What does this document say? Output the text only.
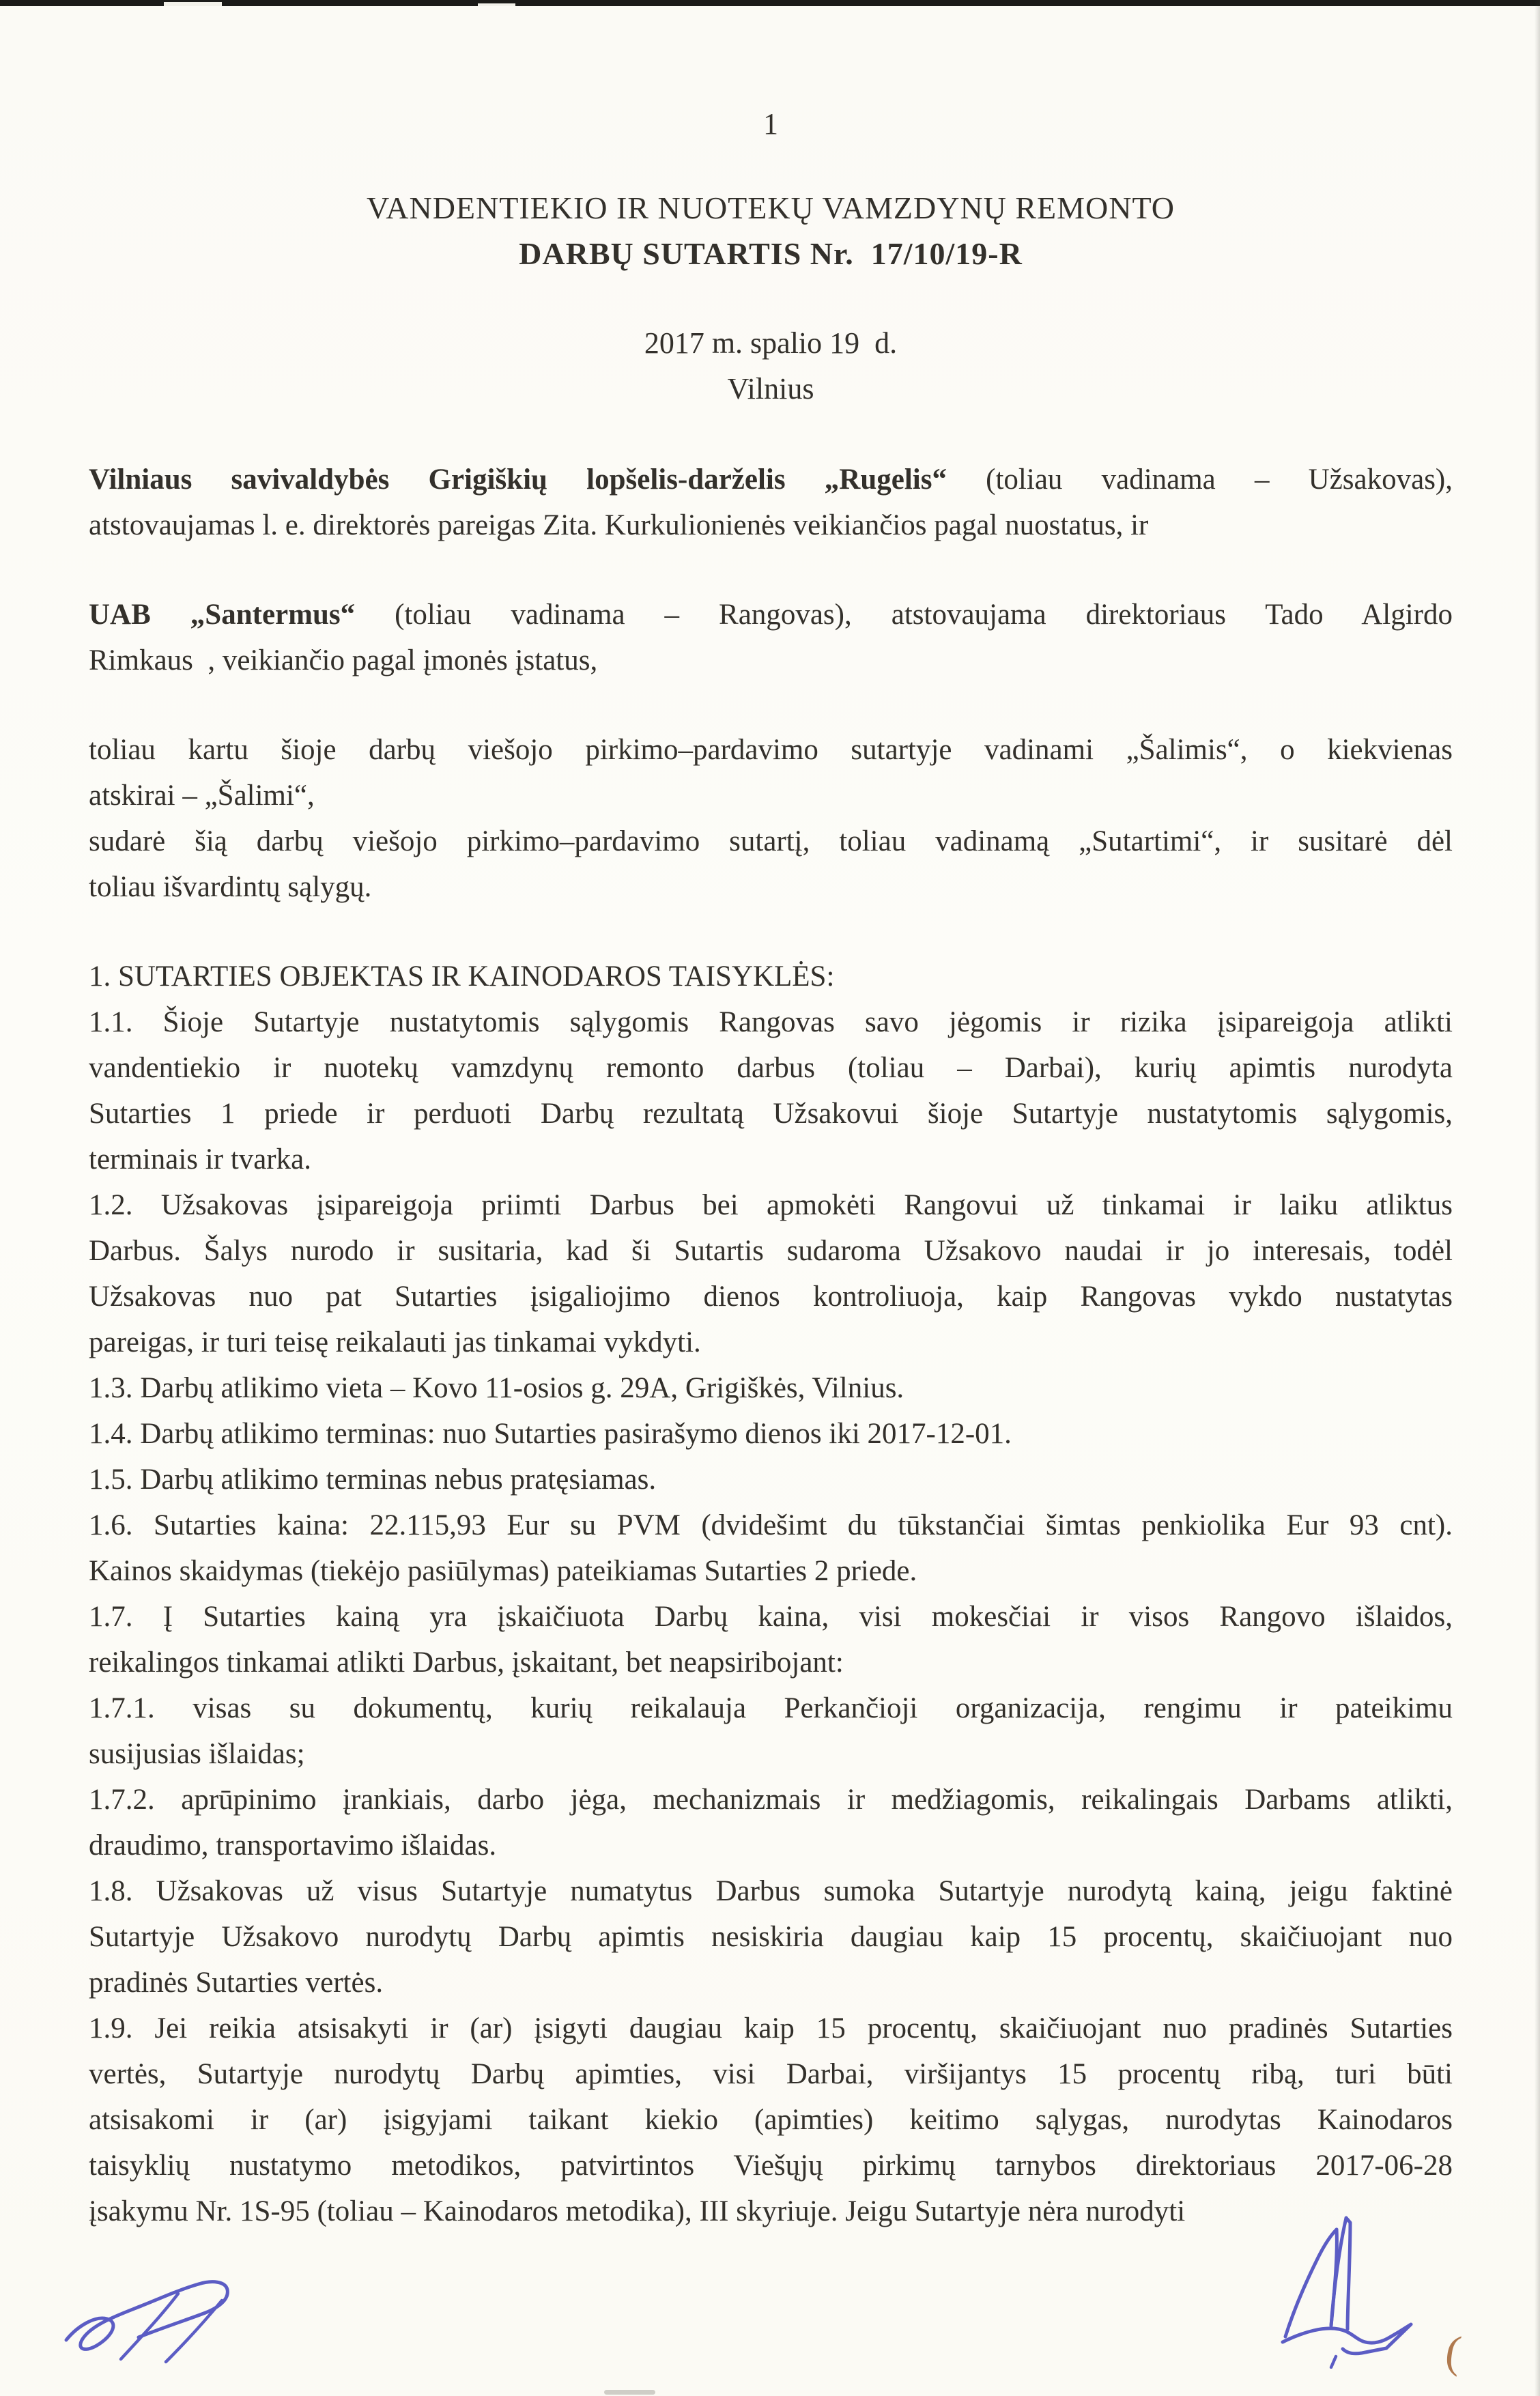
1
VANDENTIEKIO IR NUOTEKŲ VAMZDYNŲ REMONTO
DARBŲ SUTARTIS Nr.  17/10/19-R
2017 m. spalio 19  d.
Vilnius
Vilniaus savivaldybės Grigiškių lopšelis-darželis „Rugelis“ (toliau vadinama – Užsakovas),
atstovaujamas l. e. direktorės pareigas Zita. Kurkulionienės veikiančios pagal nuostatus, ir
UAB „Santermus“ (toliau vadinama – Rangovas), atstovaujama direktoriaus Tado Algirdo
Rimkaus  , veikiančio pagal įmonės įstatus,
toliau kartu šioje darbų viešojo pirkimo–pardavimo sutartyje vadinami „Šalimis“, o kiekvienas
atskirai – „Šalimi“,
sudarė šią darbų viešojo pirkimo–pardavimo sutartį, toliau vadinamą „Sutartimi“, ir susitarė dėl
toliau išvardintų sąlygų.
1. SUTARTIES OBJEKTAS IR KAINODAROS TAISYKLĖS:
1.1. Šioje Sutartyje nustatytomis sąlygomis Rangovas savo jėgomis ir rizika įsipareigoja atlikti
vandentiekio ir nuotekų vamzdynų remonto darbus (toliau – Darbai), kurių apimtis nurodyta
Sutarties 1 priede ir perduoti Darbų rezultatą Užsakovui šioje Sutartyje nustatytomis sąlygomis,
terminais ir tvarka.
1.2. Užsakovas įsipareigoja priimti Darbus bei apmokėti Rangovui už tinkamai ir laiku atliktus
Darbus. Šalys nurodo ir susitaria, kad ši Sutartis sudaroma Užsakovo naudai ir jo interesais, todėl
Užsakovas nuo pat Sutarties įsigaliojimo dienos kontroliuoja, kaip Rangovas vykdo nustatytas
pareigas, ir turi teisę reikalauti jas tinkamai vykdyti.
1.3. Darbų atlikimo vieta – Kovo 11-osios g. 29A, Grigiškės, Vilnius.
1.4. Darbų atlikimo terminas: nuo Sutarties pasirašymo dienos iki 2017-12-01.
1.5. Darbų atlikimo terminas nebus pratęsiamas.
1.6. Sutarties kaina: 22.115,93 Eur su PVM (dvidešimt du tūkstančiai šimtas penkiolika Eur 93 cnt).
Kainos skaidymas (tiekėjo pasiūlymas) pateikiamas Sutarties 2 priede.
1.7. Į Sutarties kainą yra įskaičiuota Darbų kaina, visi mokesčiai ir visos Rangovo išlaidos,
reikalingos tinkamai atlikti Darbus, įskaitant, bet neapsiribojant:
1.7.1. visas su dokumentų, kurių reikalauja Perkančioji organizacija, rengimu ir pateikimu
susijusias išlaidas;
1.7.2. aprūpinimo įrankiais, darbo jėga, mechanizmais ir medžiagomis, reikalingais Darbams atlikti,
draudimo, transportavimo išlaidas.
1.8. Užsakovas už visus Sutartyje numatytus Darbus sumoka Sutartyje nurodytą kainą, jeigu faktinė
Sutartyje Užsakovo nurodytų Darbų apimtis nesiskiria daugiau kaip 15 procentų, skaičiuojant nuo
pradinės Sutarties vertės.
1.9. Jei reikia atsisakyti ir (ar) įsigyti daugiau kaip 15 procentų, skaičiuojant nuo pradinės Sutarties
vertės, Sutartyje nurodytų Darbų apimties, visi Darbai, viršijantys 15 procentų ribą, turi būti
atsisakomi ir (ar) įsigyjami taikant kiekio (apimties) keitimo sąlygas, nurodytas Kainodaros
taisyklių nustatymo metodikos, patvirtintos Viešųjų pirkimų tarnybos direktoriaus 2017-06-28
įsakymu Nr. 1S-95 (toliau – Kainodaros metodika), III skyriuje. Jeigu Sutartyje nėra nurodyti
(
